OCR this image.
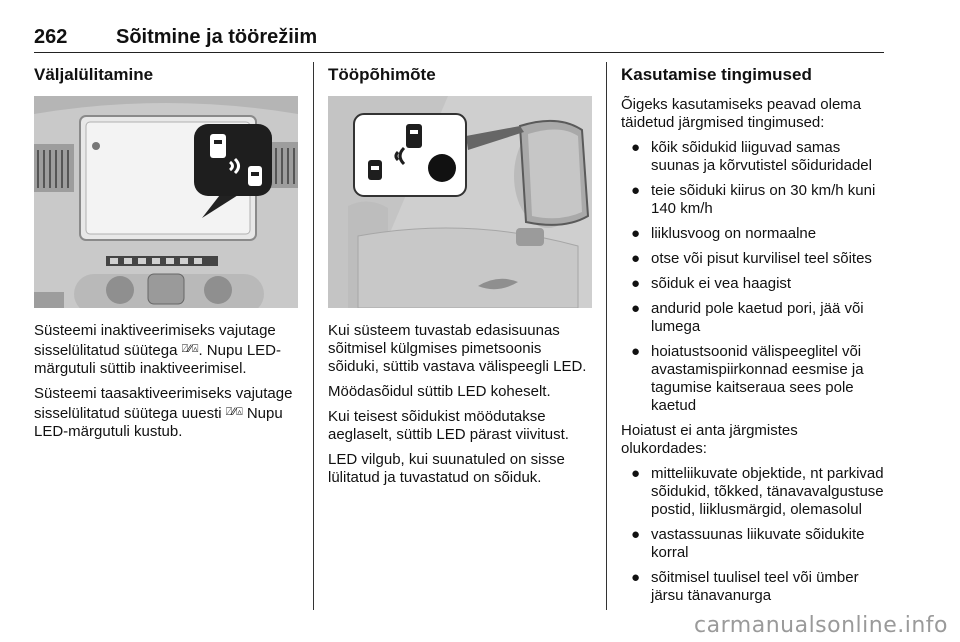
262 Sõitmine ja töörežiim
Väljalülitamine

Süsteemi inaktiveerimiseks vajutage sisselülitatud süütega ⍁⁄⁄⍓. Nupu LED-märgutuli süttib inaktiveerimisel.

Süsteemi taasaktiveerimiseks vajutage sisselülitatud süütega uuesti ⍁⁄⁄⍓ Nupu LED-märgutuli kustub.

Tööpõhimõte

Kui süsteem tuvastab edasisuunas sõitmisel külgmises pimetsoonis sõiduki, süttib vastava välispeegli LED.

Möödasõidul süttib LED koheselt.

Kui teisest sõidukist möödutakse aeglaselt, süttib LED pärast viivitust.

LED vilgub, kui suunatuled on sisse lülitatud ja tuvastatud on sõiduk.

Kasutamise tingimused

Õigeks kasutamiseks peavad olema täidetud järgmised tingimused:

● kõik sõidukid liiguvad samas suunas ja kõrvutistel sõiduridadel
● teie sõiduki kiirus on 30 km/h kuni 140 km/h
● liiklusvoog on normaalne
● otse või pisut kurvilisel teel sõites
● sõiduk ei vea haagist
● andurid pole kaetud pori, jää või lumega
● hoiatustsoonid välispeeglitel või avastamispiirkonnad eesmise ja tagumise kaitseraua sees pole kaetud

Hoiatust ei anta järgmistes olukordades:

● mitteliikuvate objektide, nt parkivad sõidukid, tõkked, tänavavalgustuse postid, liiklusmärgid, olemasolul
● vastassuunas liikuvate sõidukite korral
● sõitmisel tuulisel teel või ümber järsu tänavanurga
carmanualsonline.info
